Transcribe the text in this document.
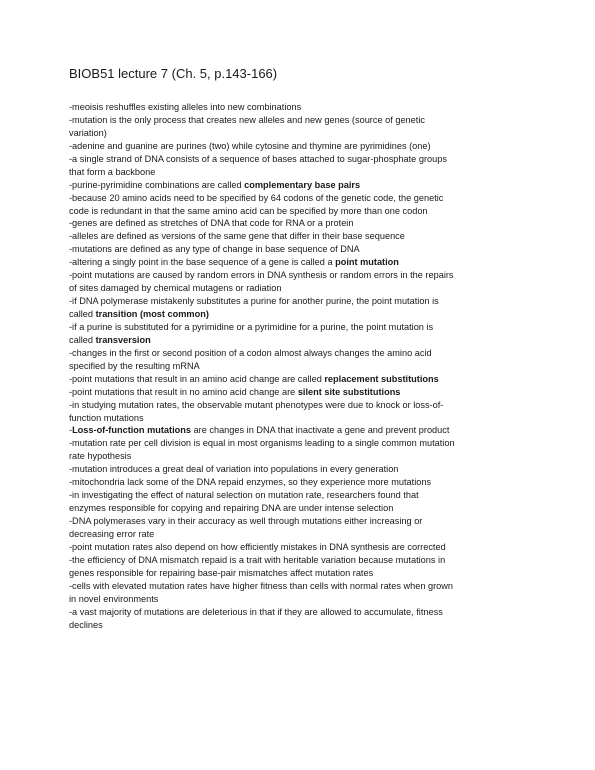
BIOB51 lecture 7 (Ch. 5, p.143-166)
-meoisis reshuffles existing alleles into new combinations
-mutation is the only process that creates new alleles and new genes (source of genetic
variation)
-adenine and guanine are purines (two) while cytosine and thymine are pyrimidines (one)
-a single strand of DNA consists of a sequence of bases attached to sugar-phosphate groups
that form a backbone
-purine-pyrimidine combinations are called complementary base pairs
-because 20 amino acids need to be specified by 64 codons of the genetic code, the genetic
code is redundant in that the same amino acid can be specified by more than one codon
-genes are defined as stretches of DNA that code for RNA or a protein
-alleles are defined as versions of the same gene that differ in their base sequence
-mutations are defined as any type of change in base sequence of DNA
-altering a singly point in the base sequence of a gene is called a point mutation
-point mutations are caused by random errors in DNA synthesis or random errors in the repairs
of sites damaged by chemical mutagens or radiation
-if DNA polymerase mistakenly substitutes a purine for another purine, the point mutation is
called transition (most common)
-if a purine is substituted for a pyrimidine or a pyrimidine for a purine, the point mutation is
called transversion
-changes in the first or second position of a codon almost always changes the amino acid
specified by the resulting mRNA
-point mutations that result in an amino acid change are called replacement substitutions
-point mutations that result in no amino acid change are silent site substitutions
-in studying mutation rates, the observable mutant phenotypes were due to knock or loss-of-
function mutations
-Loss-of-function mutations are changes in DNA that inactivate a gene and prevent product
-mutation rate per cell division is equal in most organisms leading to a single common mutation
rate hypothesis
-mutation introduces a great deal of variation into populations in every generation
-mitochondria lack some of the DNA repaid enzymes, so they experience more mutations
-in investigating the effect of natural selection on mutation rate, researchers found that
enzymes responsible for copying and repairing DNA are under intense selection
-DNA polymerases vary in their accuracy as well through mutations either increasing or
decreasing error rate
-point mutation rates also depend on how efficiently mistakes in DNA synthesis are corrected
-the efficiency of DNA mismatch repaid is a trait with heritable variation because mutations in
genes responsible for repairing base-pair mismatches affect mutation rates
-cells with elevated mutation rates have higher fitness than cells with normal rates when grown
in novel environments
-a vast majority of mutations are deleterious in that if they are allowed to accumulate, fitness
declines
